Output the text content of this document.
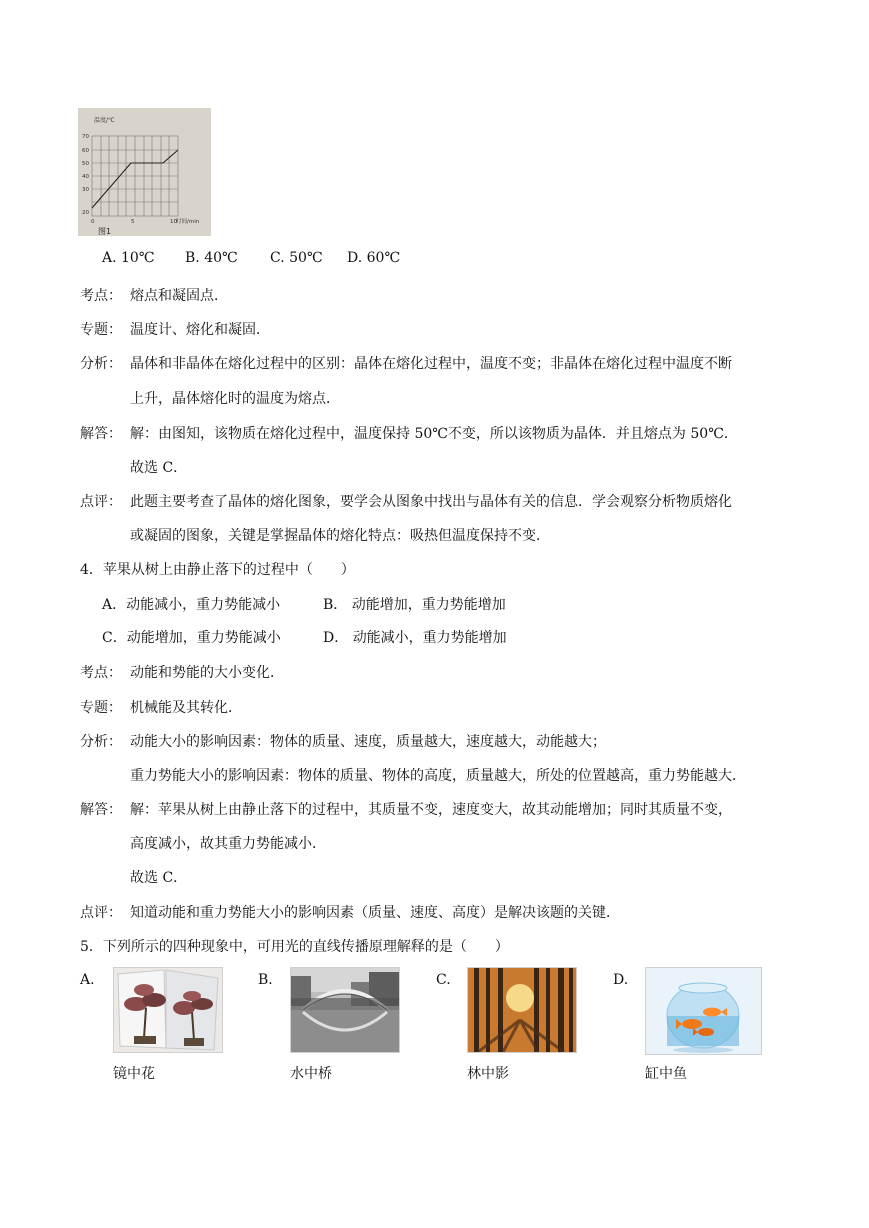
温度/℃
70
60
50
40
30
20
0	5	10 时间/min
图1
A. 10℃ B. 40℃ C. 50℃ D. 60℃
考点： 熔点和凝固点．
专题： 温度计、熔化和凝固．
分析： 晶体和非晶体在熔化过程中的区别：晶体在熔化过程中，温度不变；非晶体在熔化过程中温度不断
上升，晶体熔化时的温度为熔点．
解答： 解：由图知，该物质在熔化过程中，温度保持 50℃不变，所以该物质为晶体．并且熔点为 50℃．
故选 C．
点评： 此题主要考查了晶体的熔化图象，要学会从图象中找出与晶体有关的信息．学会观察分析物质熔化
或凝固的图象，关键是掌握晶体的熔化特点：吸热但温度保持不变．
4．苹果从树上由静止落下的过程中（　　）
A．动能减小，重力势能减小	B． 动能增加，重力势能增加
C．动能增加，重力势能减小	D． 动能减小，重力势能增加
考点： 动能和势能的大小变化．
专题： 机械能及其转化．
分析： 动能大小的影响因素：物体的质量、速度，质量越大，速度越大，动能越大；
重力势能大小的影响因素：物体的质量、物体的高度，质量越大，所处的位置越高，重力势能越大．
解答： 解：苹果从树上由静止落下的过程中，其质量不变，速度变大，故其动能增加；同时其质量不变，
高度减小，故其重力势能减小．
故选 C．
点评： 知道动能和重力势能大小的影响因素（质量、速度、高度）是解决该题的关键．
5．下列所示的四种现象中，可用光的直线传播原理解释的是（　　）
A.
镜中花
B.
水中桥
C.
林中影
D.
缸中鱼
